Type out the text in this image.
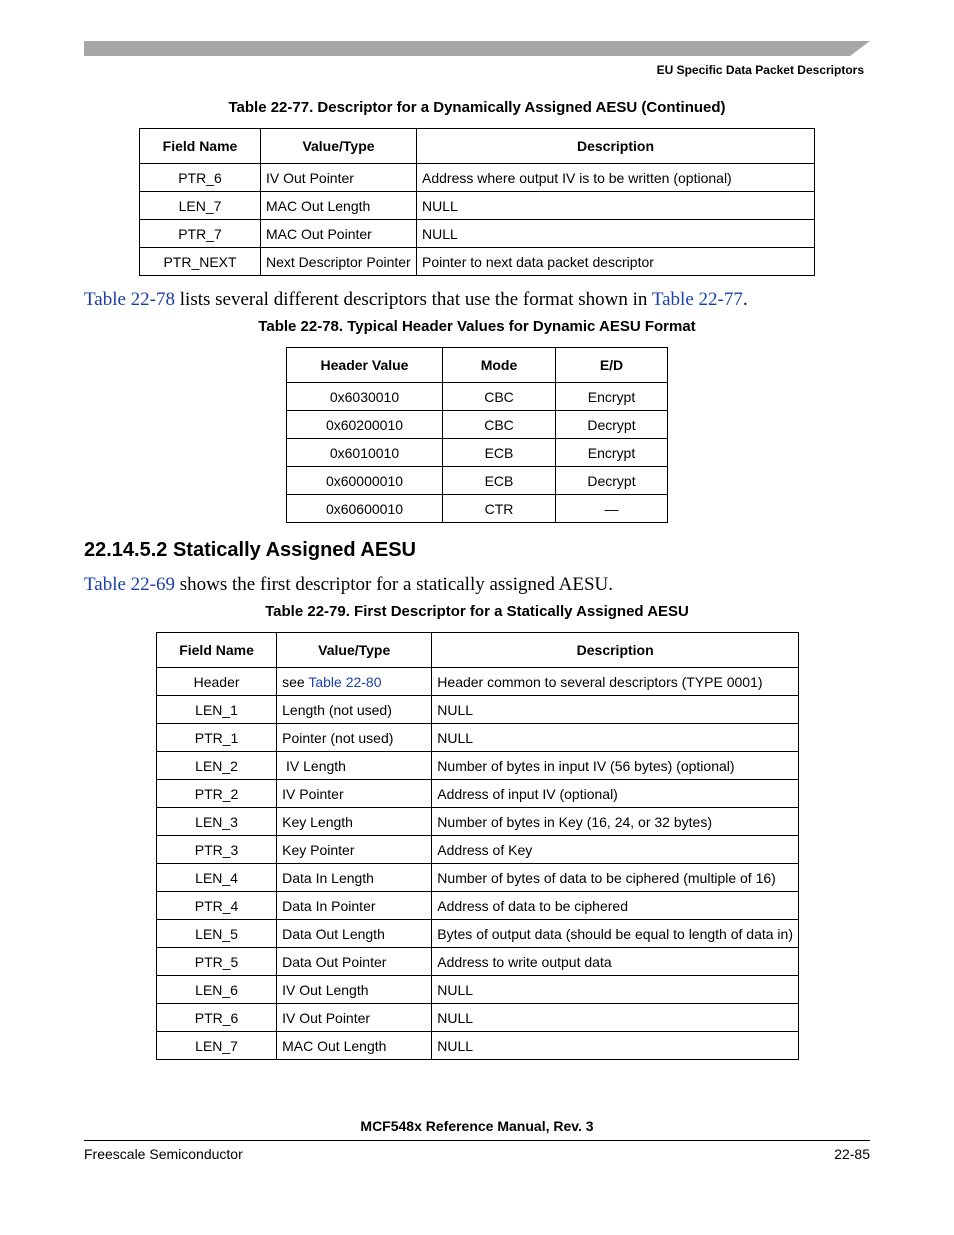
EU Specific Data Packet Descriptors
Table 22-77. Descriptor for a Dynamically Assigned AESU (Continued)
Field Name	Value/Type	Description
PTR_6	IV Out Pointer	Address where output IV is to be written (optional)
LEN_7	MAC Out Length	NULL
PTR_7	MAC Out Pointer	NULL
PTR_NEXT	Next Descriptor Pointer	Pointer to next data packet descriptor
Table 22-78 lists several different descriptors that use the format shown in Table 22-77.
Table 22-78. Typical Header Values for Dynamic AESU Format
Header Value	Mode	E/D
0x6030010	CBC	Encrypt
0x60200010	CBC	Decrypt
0x6010010	ECB	Encrypt
0x60000010	ECB	Decrypt
0x60600010	CTR	—
22.14.5.2 Statically Assigned AESU
Table 22-69 shows the first descriptor for a statically assigned AESU.
Table 22-79. First Descriptor for a Statically Assigned AESU
Field Name	Value/Type	Description
Header	see Table 22-80	Header common to several descriptors (TYPE 0001)
LEN_1	Length (not used)	NULL
PTR_1	Pointer (not used)	NULL
LEN_2	IV Length	Number of bytes in input IV (56 bytes) (optional)
PTR_2	IV Pointer	Address of input IV (optional)
LEN_3	Key Length	Number of bytes in Key (16, 24, or 32 bytes)
PTR_3	Key Pointer	Address of Key
LEN_4	Data In Length	Number of bytes of data to be ciphered (multiple of 16)
PTR_4	Data In Pointer	Address of data to be ciphered
LEN_5	Data Out Length	Bytes of output data (should be equal to length of data in)
PTR_5	Data Out Pointer	Address to write output data
LEN_6	IV Out Length	NULL
PTR_6	IV Out Pointer	NULL
LEN_7	MAC Out Length	NULL
MCF548x Reference Manual, Rev. 3
Freescale Semiconductor	22-85
